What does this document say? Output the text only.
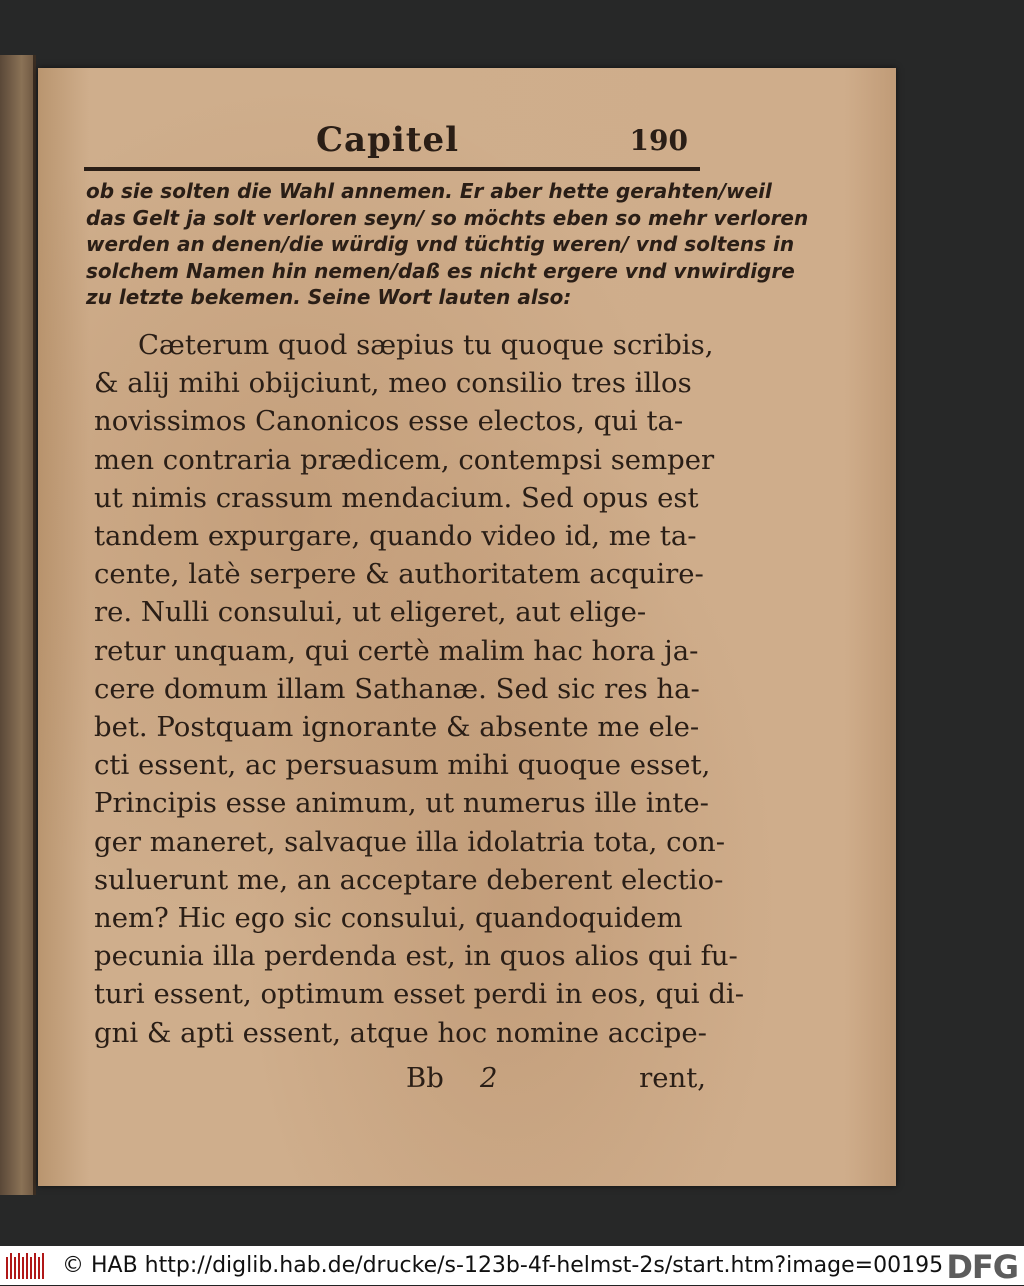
Capitel	190
ob sie solten die Wahl annemen. Er aber hette gerahten/weil
das Gelt ja solt verloren seyn/ so möchts eben so mehr verloren
werden an denen/die würdig vnd tüchtig weren/ vnd soltens in
solchem Namen hin nemen/daß es nicht ergere vnd vnwirdigre
zu letzte bekemen. Seine Wort lauten also:
Cæterum quod sæpius tu quoque scribis,
& alij mihi obijciunt, meo consilio tres illos
novissimos Canonicos esse electos, qui ta-
men contraria prædicem, contempsi semper
ut nimis crassum mendacium. Sed opus est
tandem expurgare, quando video id, me ta-
cente, latè serpere & authoritatem acquire-
re. Nulli consului, ut eligeret, aut elige-
retur unquam, qui certè malim hac hora ja-
cere domum illam Sathanæ. Sed sic res ha-
bet. Postquam ignorante & absente me ele-
cti essent, ac persuasum mihi quoque esset,
Principis esse animum, ut numerus ille inte-
ger maneret, salvaque illa idolatria tota, con-
suluerunt me, an acceptare deberent electio-
nem? Hic ego sic consului, quandoquidem
pecunia illa perdenda est, in quos alios qui fu-
turi essent, optimum esset perdi in eos, qui di-
gni & apti essent, atque hoc nomine accipe-
Bb 2	rent,
© HAB http://diglib.hab.de/drucke/s-123b-4f-helmst-2s/start.htm?image=00195 DFG
